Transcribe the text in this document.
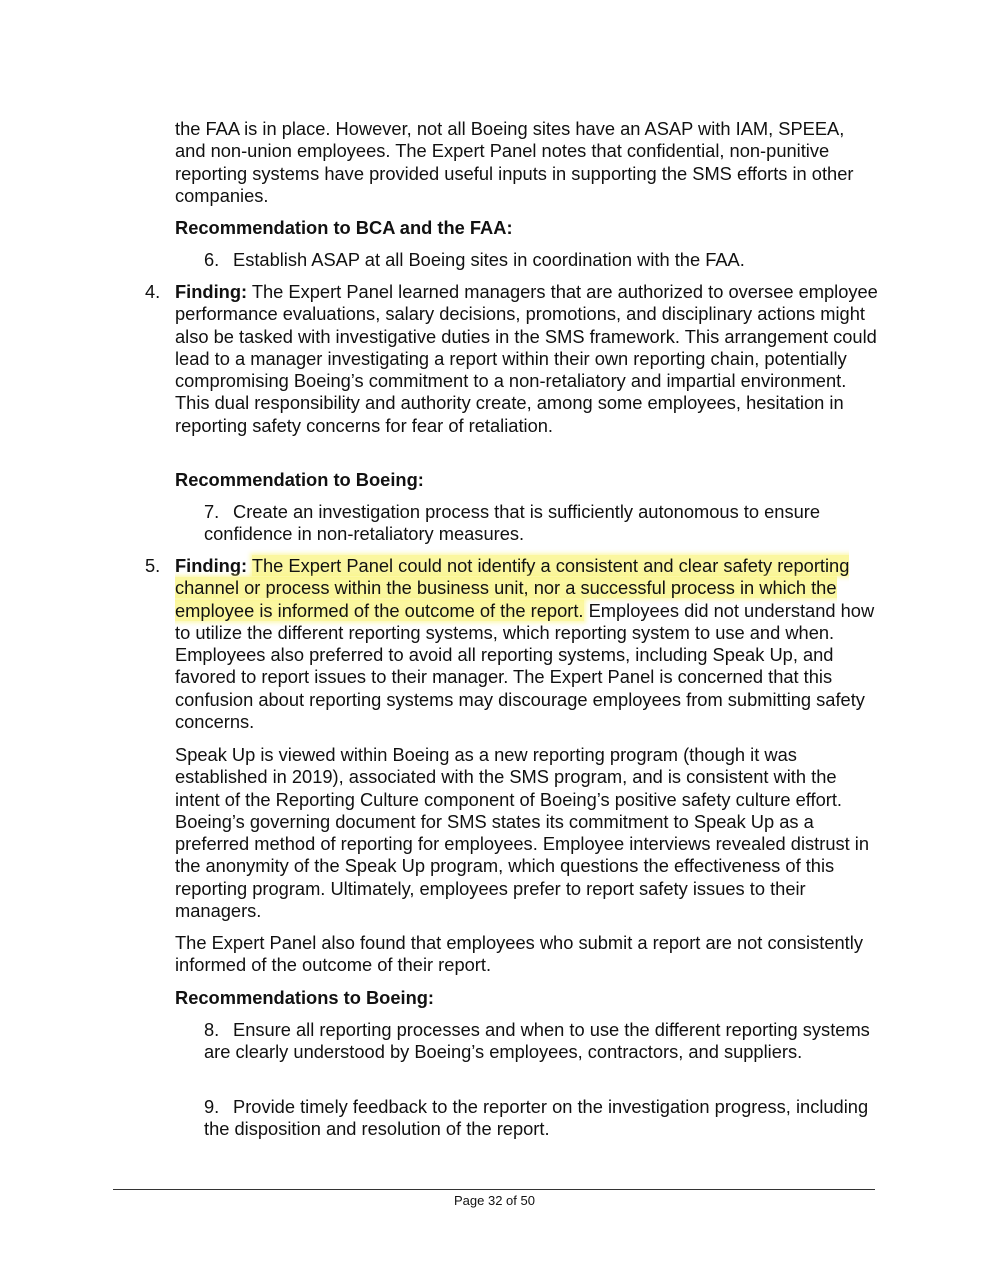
the FAA is in place. However, not all Boeing sites have an ASAP with IAM, SPEEA, and non-union employees. The Expert Panel notes that confidential, non-punitive reporting systems have provided useful inputs in supporting the SMS efforts in other companies.

Recommendation to BCA and the FAA:

6. Establish ASAP at all Boeing sites in coordination with the FAA.

4. Finding: The Expert Panel learned managers that are authorized to oversee employee performance evaluations, salary decisions, promotions, and disciplinary actions might also be tasked with investigative duties in the SMS framework. This arrangement could lead to a manager investigating a report within their own reporting chain, potentially compromising Boeing’s commitment to a non-retaliatory and impartial environment. This dual responsibility and authority create, among some employees, hesitation in reporting safety concerns for fear of retaliation.

Recommendation to Boeing:

7. Create an investigation process that is sufficiently autonomous to ensure confidence in non-retaliatory measures.

5. Finding: The Expert Panel could not identify a consistent and clear safety reporting channel or process within the business unit, nor a successful process in which the employee is informed of the outcome of the report. Employees did not understand how to utilize the different reporting systems, which reporting system to use and when. Employees also preferred to avoid all reporting systems, including Speak Up, and favored to report issues to their manager. The Expert Panel is concerned that this confusion about reporting systems may discourage employees from submitting safety concerns.

Speak Up is viewed within Boeing as a new reporting program (though it was established in 2019), associated with the SMS program, and is consistent with the intent of the Reporting Culture component of Boeing’s positive safety culture effort. Boeing’s governing document for SMS states its commitment to Speak Up as a preferred method of reporting for employees. Employee interviews revealed distrust in the anonymity of the Speak Up program, which questions the effectiveness of this reporting program. Ultimately, employees prefer to report safety issues to their managers.

The Expert Panel also found that employees who submit a report are not consistently informed of the outcome of their report.

Recommendations to Boeing:

8. Ensure all reporting processes and when to use the different reporting systems are clearly understood by Boeing’s employees, contractors, and suppliers.

9. Provide timely feedback to the reporter on the investigation progress, including the disposition and resolution of the report.

Page 32 of 50
